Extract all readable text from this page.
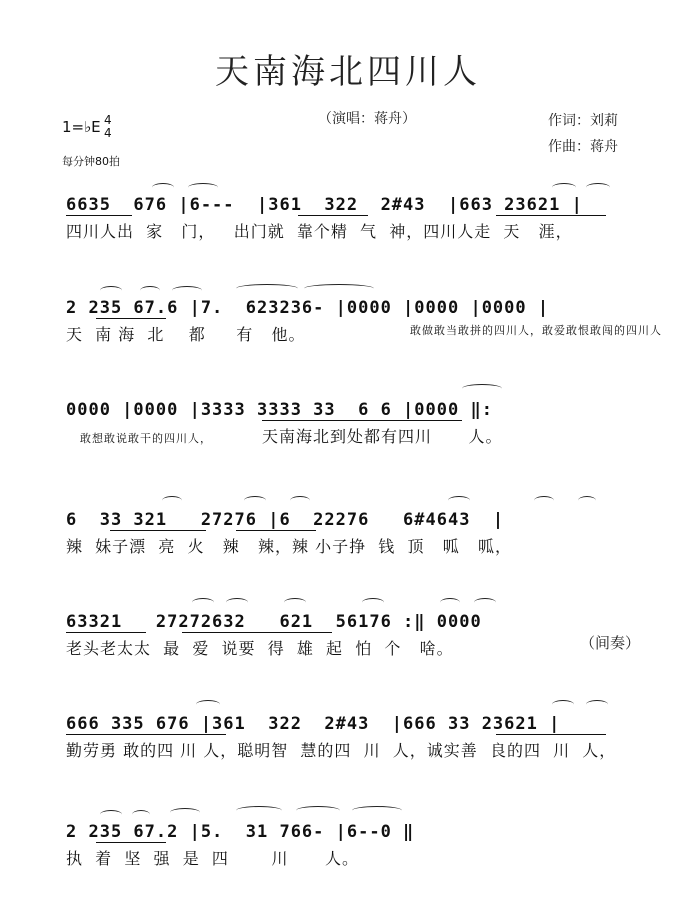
天南海北四川人
（演唱：蒋舟）	作词：刘莉
作曲：蒋舟
1=♭E 4
4
每分钟80拍
6635  676 |6---  |361  322  2#43  |663 23621 |
四川人出  家   门，   出门就  靠个精  气  神，四川人走  天   涯，
2 235 67.6 |7.  623236- |0000 |0000 |0000 |
天  南 海  北    都     有   他。	敢做敢当敢拼的四川人，敢爱敢恨敢闯的四川人
0000 |0000 |3333 3333 33  6 6 |0000 ‖:
敢想敢说敢干的四川人，	天南海北到处都有四川      人。
6  33 321   27276 |6  22276   6#4643  |
辣  妹子漂  亮  火   辣   辣，辣 小子挣  钱  顶   呱   呱，
63321   27272632   621  56176 :‖ 0000
老头老太太  最  爱  说要  得  雄  起  怕  个   啥。	（间奏）
666 335 676 |361  322  2#43  |666 33 23621 |
勤劳勇 敢的四 川 人，聪明智  慧的四  川  人，诚实善  良的四  川  人，
2 235 67.2 |5.  31 766- |6--0 ‖
执  着  坚  强  是  四       川      人。
